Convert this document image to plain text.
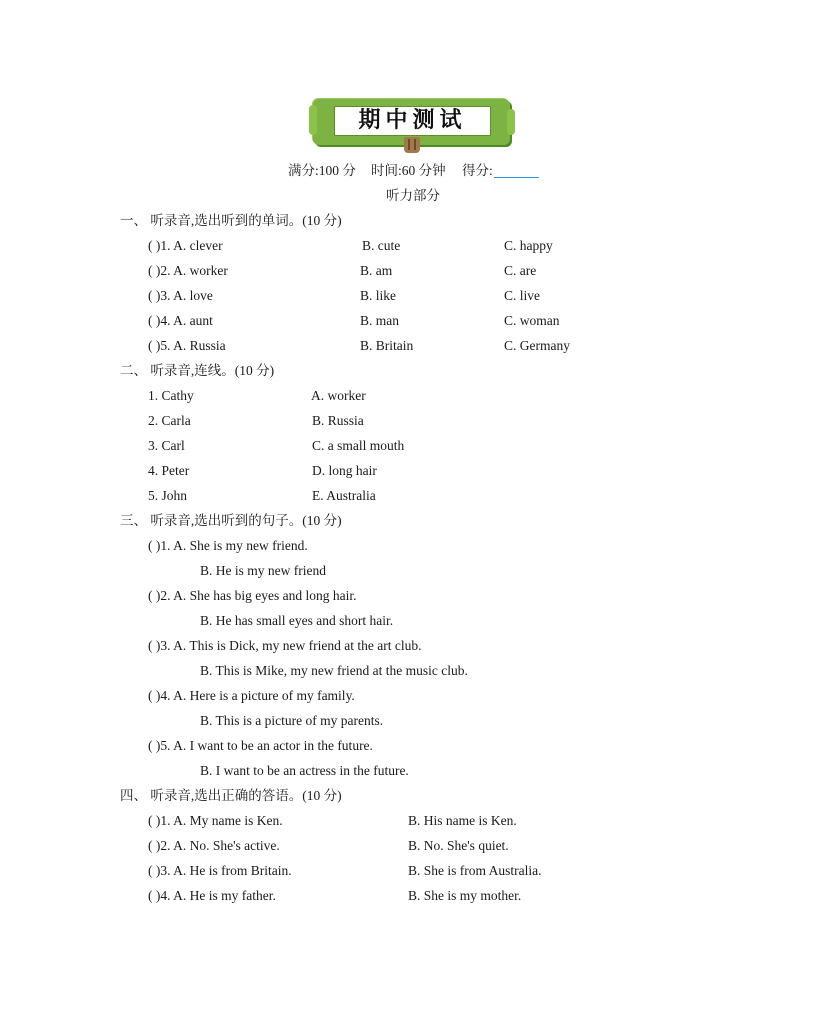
期中测试
满分:100 分 时间:60 分钟 得分:
听力部分
一、 听录音,选出听到的单词。(10 分)
( )1. A. clever	B. cute	C. happy
( )2. A. worker	B. am	C. are
( )3. A. love	B. like	C. live
( )4. A. aunt	B. man	C. woman
( )5. A. Russia	B. Britain	C. Germany
二、 听录音,连线。(10 分)
1. Cathy	A. worker
2. Carla	B. Russia
3. Carl	C. a small mouth
4. Peter	D. long hair
5. John	E. Australia
三、 听录音,选出听到的句子。(10 分)
( )1. A. She is my new friend.
B. He is my new friend
( )2. A. She has big eyes and long hair.
B. He has small eyes and short hair.
( )3. A. This is Dick, my new friend at the art club.
B. This is Mike, my new friend at the music club.
( )4. A. Here is a picture of my family.
B. This is a picture of my parents.
( )5. A. I want to be an actor in the future.
B. I want to be an actress in the future.
四、 听录音,选出正确的答语。(10 分)
( )1. A. My name is Ken.	B. His name is Ken.
( )2. A. No. She's active.	B. No. She's quiet.
( )3. A. He is from Britain.	B. She is from Australia.
( )4. A. He is my father.	B. She is my mother.
